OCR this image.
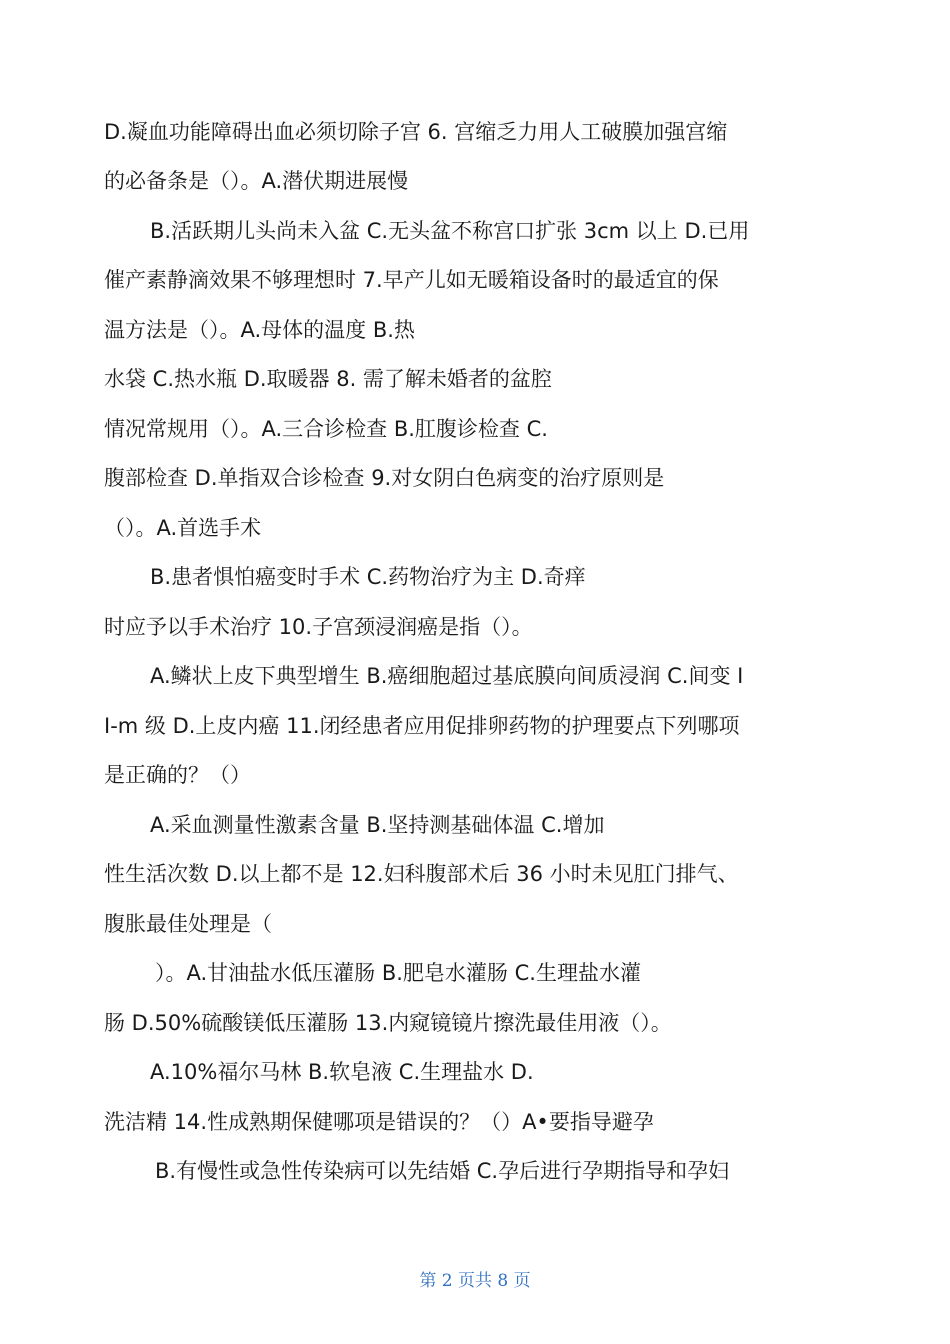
D.凝血功能障碍出血必须切除子宫 6. 宫缩乏力用人工破膜加强宫缩
的必备条是（）。A.潜伏期进展慢
B.活跃期儿头尚未入盆 C.无头盆不称宫口扩张 3cm 以上 D.已用
催产素静滴效果不够理想时 7.早产儿如无暖箱设备时的最适宜的保
温方法是（）。A.母体的温度 B.热
水袋 C.热水瓶 D.取暖器 8. 需了解未婚者的盆腔
情况常规用（）。A.三合诊检查 B.肛腹诊检查 C.
腹部检查 D.单指双合诊检查 9.对女阴白色病变的治疗原则是
（）。A.首选手术
B.患者惧怕癌变时手术 C.药物治疗为主 D.奇痒
时应予以手术治疗 10.子宫颈浸润癌是指（）。
A.鳞状上皮下典型增生 B.癌细胞超过基底膜向间质浸润 C.间变 I
I-m 级 D.上皮内癌 11.闭经患者应用促排卵药物的护理要点下列哪项
是正确的？（）
A.采血测量性激素含量 B.坚持测基础体温 C.增加
性生活次数 D.以上都不是 12.妇科腹部术后 36 小时未见肛门排气、
腹胀最佳处理是（
）。A.甘油盐水低压灌肠 B.肥皂水灌肠 C.生理盐水灌
肠 D.50%硫酸镁低压灌肠 13.内窥镜镜片擦洗最佳用液（）。
A.10%福尔马林 B.软皂液 C.生理盐水 D.
洗洁精 14.性成熟期保健哪项是错误的？（）A•要指导避孕
B.有慢性或急性传染病可以先结婚 C.孕后进行孕期指导和孕妇
第 2 页共 8 页
